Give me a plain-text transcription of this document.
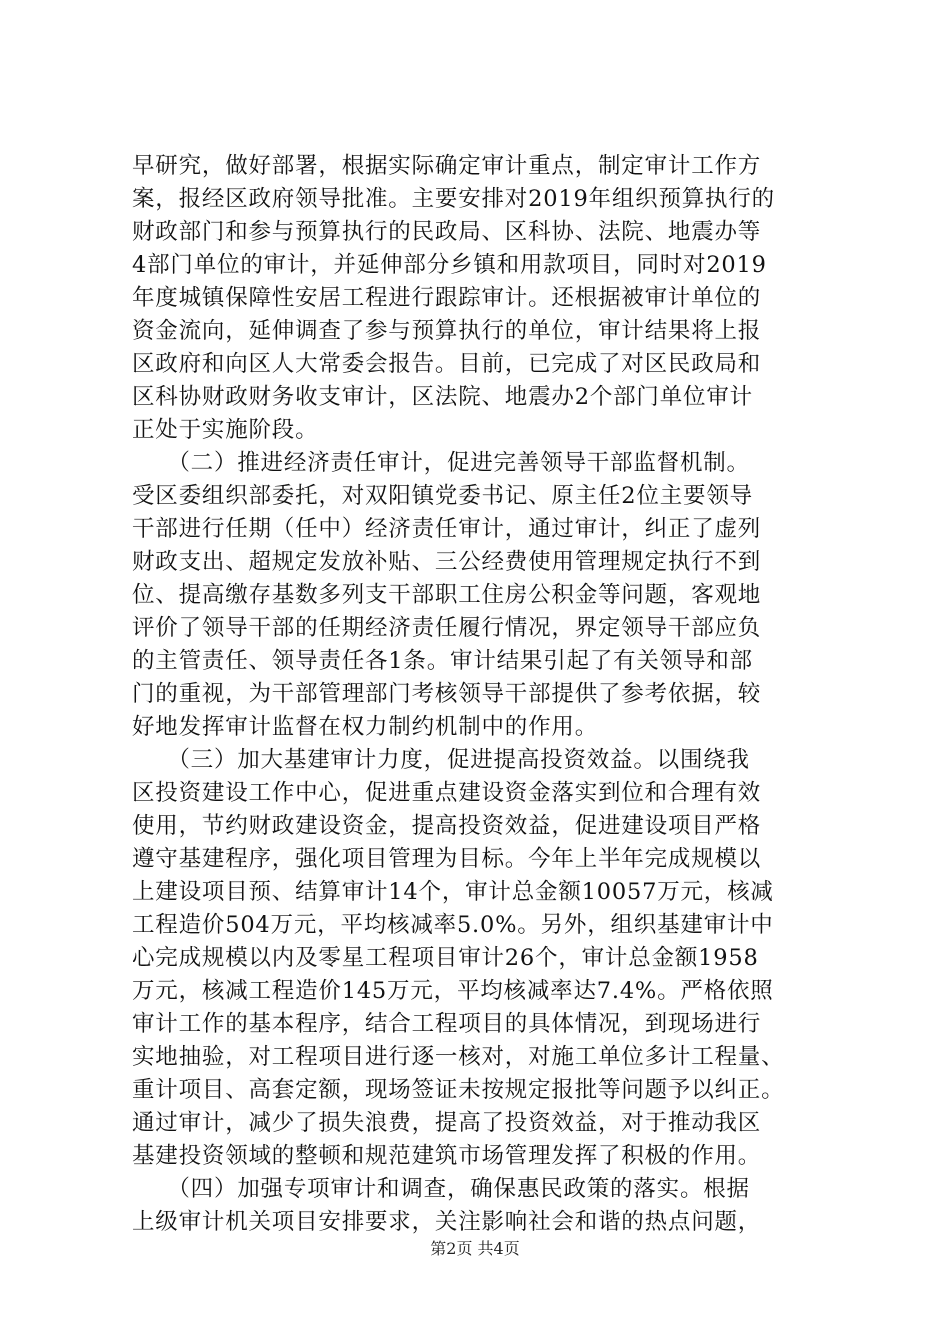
早研究，做好部署，根据实际确定审计重点，制定审计工作方
案，报经区政府领导批准。主要安排对2019年组织预算执行的
财政部门和参与预算执行的民政局、区科协、法院、地震办等
4部门单位的审计，并延伸部分乡镇和用款项目，同时对2019
年度城镇保障性安居工程进行跟踪审计。还根据被审计单位的
资金流向，延伸调查了参与预算执行的单位，审计结果将上报
区政府和向区人大常委会报告。目前，已完成了对区民政局和
区科协财政财务收支审计，区法院、地震办2个部门单位审计
正处于实施阶段。
　　（二）推进经济责任审计，促进完善领导干部监督机制。
受区委组织部委托，对双阳镇党委书记、原主任2位主要领导
干部进行任期（任中）经济责任审计，通过审计，纠正了虚列
财政支出、超规定发放补贴、三公经费使用管理规定执行不到
位、提高缴存基数多列支干部职工住房公积金等问题，客观地
评价了领导干部的任期经济责任履行情况，界定领导干部应负
的主管责任、领导责任各1条。审计结果引起了有关领导和部
门的重视，为干部管理部门考核领导干部提供了参考依据，较
好地发挥审计监督在权力制约机制中的作用。
　　（三）加大基建审计力度，促进提高投资效益。以围绕我
区投资建设工作中心，促进重点建设资金落实到位和合理有效
使用，节约财政建设资金，提高投资效益，促进建设项目严格
遵守基建程序，强化项目管理为目标。今年上半年完成规模以
上建设项目预、结算审计14个，审计总金额10057万元，核减
工程造价504万元，平均核减率5.0%。另外，组织基建审计中
心完成规模以内及零星工程项目审计26个，审计总金额1958
万元，核减工程造价145万元，平均核减率达7.4%。严格依照
审计工作的基本程序，结合工程项目的具体情况，到现场进行
实地抽验，对工程项目进行逐一核对，对施工单位多计工程量、
重计项目、高套定额，现场签证未按规定报批等问题予以纠正。
通过审计，减少了损失浪费，提高了投资效益，对于推动我区
基建投资领域的整顿和规范建筑市场管理发挥了积极的作用。
　　（四）加强专项审计和调查，确保惠民政策的落实。根据
上级审计机关项目安排要求，关注影响社会和谐的热点问题，
第2页 共4页
